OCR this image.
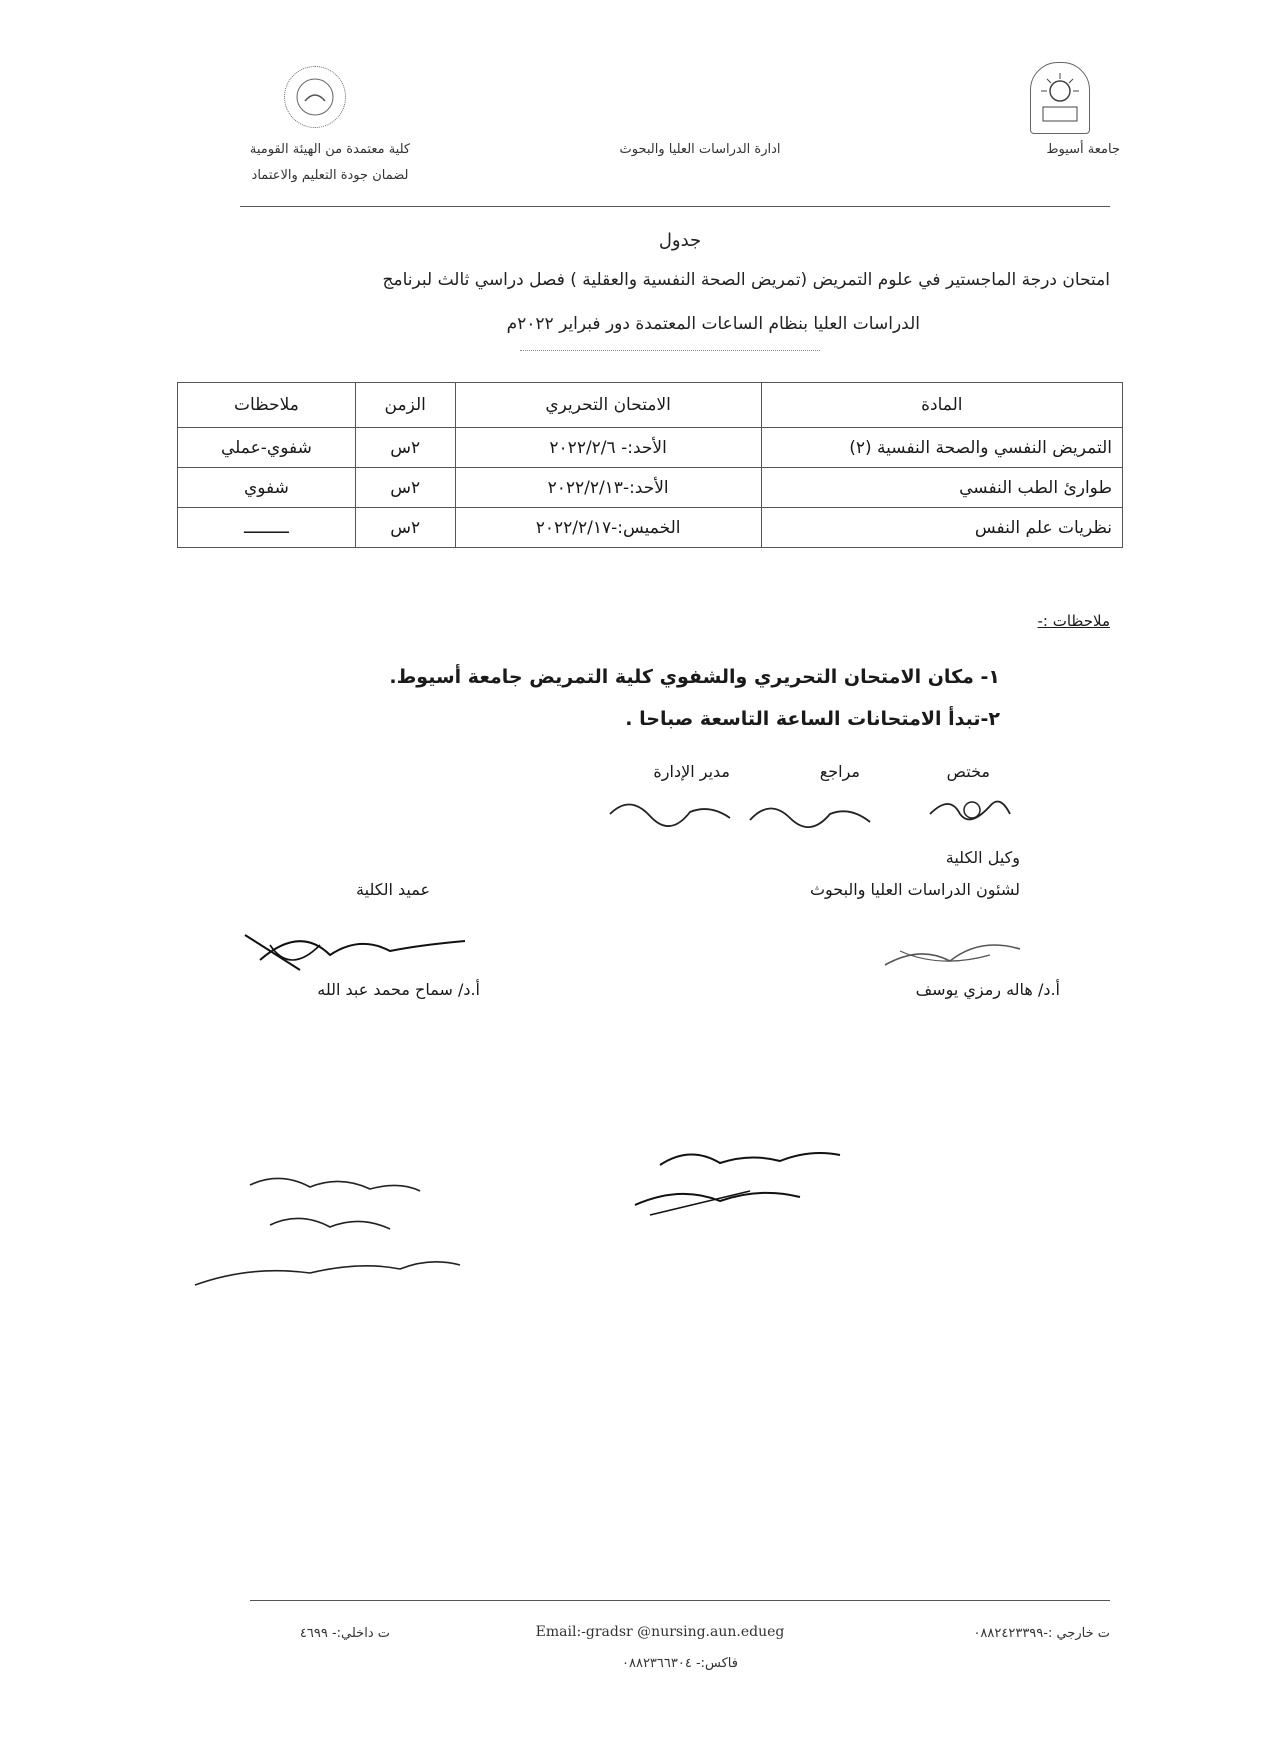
جامعة أسيوط
ادارة الدراسات العليا والبحوث
كلية معتمدة من الهيئة القومية
لضمان جودة التعليم والاعتماد
جدول
امتحان درجة الماجستير في علوم التمريض (تمريض الصحة النفسية والعقلية ) فصل دراسي ثالث لبرنامج
الدراسات العليا بنظام الساعات المعتمدة دور فبراير ٢٠٢٢م
المادة	الامتحان التحريري	الزمن	ملاحظات
التمريض النفسي والصحة النفسية (٢)	الأحد:- ٢٠٢٢/٢/٦	٢س	شفوي-عملي
طوارئ الطب النفسي	الأحد:-٢٠٢٢/٢/١٣	٢س	شفوي
نظريات علم النفس	الخميس:-٢٠٢٢/٢/١٧	٢س	ـــــــــ
ملاحظات :-
١- مكان الامتحان التحريري والشفوي كلية التمريض جامعة أسيوط.
٢-تبدأ الامتحانات الساعة التاسعة صباحا .
مختص
مراجع
مدير الإدارة
وكيل الكلية
لشئون الدراسات العليا والبحوث
عميد الكلية
أ.د/ سماح محمد عبد الله	أ.د/ هاله رمزي يوسف
ت داخلي:- ٤٦٩٩	Email:-gradsr @nursing.aun.edueg	ت خارجي :-٠٨٨٢٤٢٣٣٩٩
فاكس:- ٠٨٨٢٣٦٦٣٠٤
